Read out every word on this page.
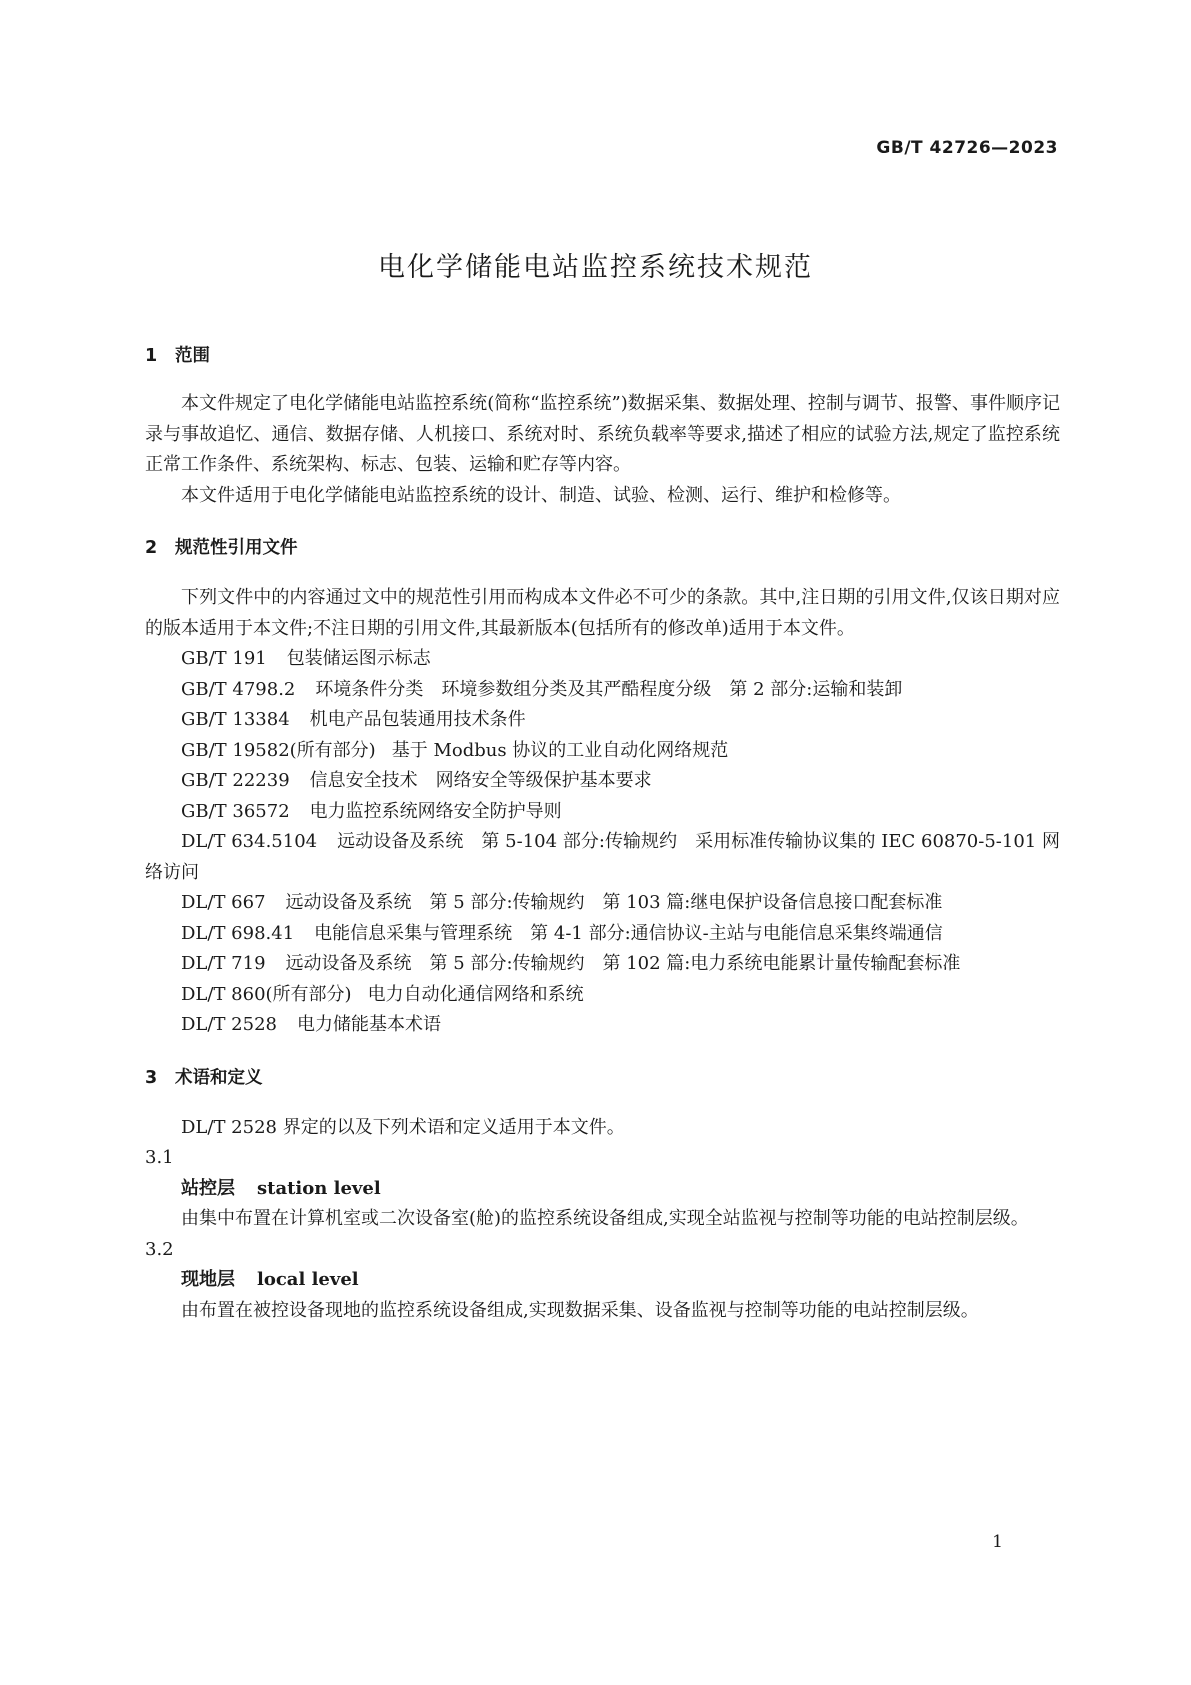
GB/T 42726—2023
电化学储能电站监控系统技术规范
1	范围

本文件规定了电化学储能电站监控系统(简称“监控系统”)数据采集、数据处理、控制与调节、报警、事件顺序记录与事故追忆、通信、数据存储、人机接口、系统对时、系统负载率等要求,描述了相应的试验方法,规定了监控系统正常工作条件、系统架构、标志、包装、运输和贮存等内容。

本文件适用于电化学储能电站监控系统的设计、制造、试验、检测、运行、维护和检修等。

2	规范性引用文件

下列文件中的内容通过文中的规范性引用而构成本文件必不可少的条款。其中,注日期的引用文件,仅该日期对应的版本适用于本文件;不注日期的引用文件,其最新版本(包括所有的修改单)适用于本文件。

GB/T 191 包装储运图示标志

GB/T 4798.2 环境条件分类　环境参数组分类及其严酷程度分级　第 2 部分:运输和装卸

GB/T 13384 机电产品包装通用技术条件

GB/T 19582(所有部分) 基于 Modbus 协议的工业自动化网络规范

GB/T 22239 信息安全技术　网络安全等级保护基本要求

GB/T 36572 电力监控系统网络安全防护导则

DL/T 634.5104 远动设备及系统　第 5-104 部分:传输规约　采用标准传输协议集的 IEC 60870-5-101 网络访问

DL/T 667 远动设备及系统　第 5 部分:传输规约　第 103 篇:继电保护设备信息接口配套标准

DL/T 698.41 电能信息采集与管理系统　第 4-1 部分:通信协议-主站与电能信息采集终端通信

DL/T 719 远动设备及系统　第 5 部分:传输规约　第 102 篇:电力系统电能累计量传输配套标准

DL/T 860(所有部分) 电力自动化通信网络和系统

DL/T 2528 电力储能基本术语

3	术语和定义

DL/T 2528 界定的以及下列术语和定义适用于本文件。

3.1

站控层 station level

由集中布置在计算机室或二次设备室(舱)的监控系统设备组成,实现全站监视与控制等功能的电站控制层级。

3.2

现地层 local level

由布置在被控设备现地的监控系统设备组成,实现数据采集、设备监视与控制等功能的电站控制层级。

1
